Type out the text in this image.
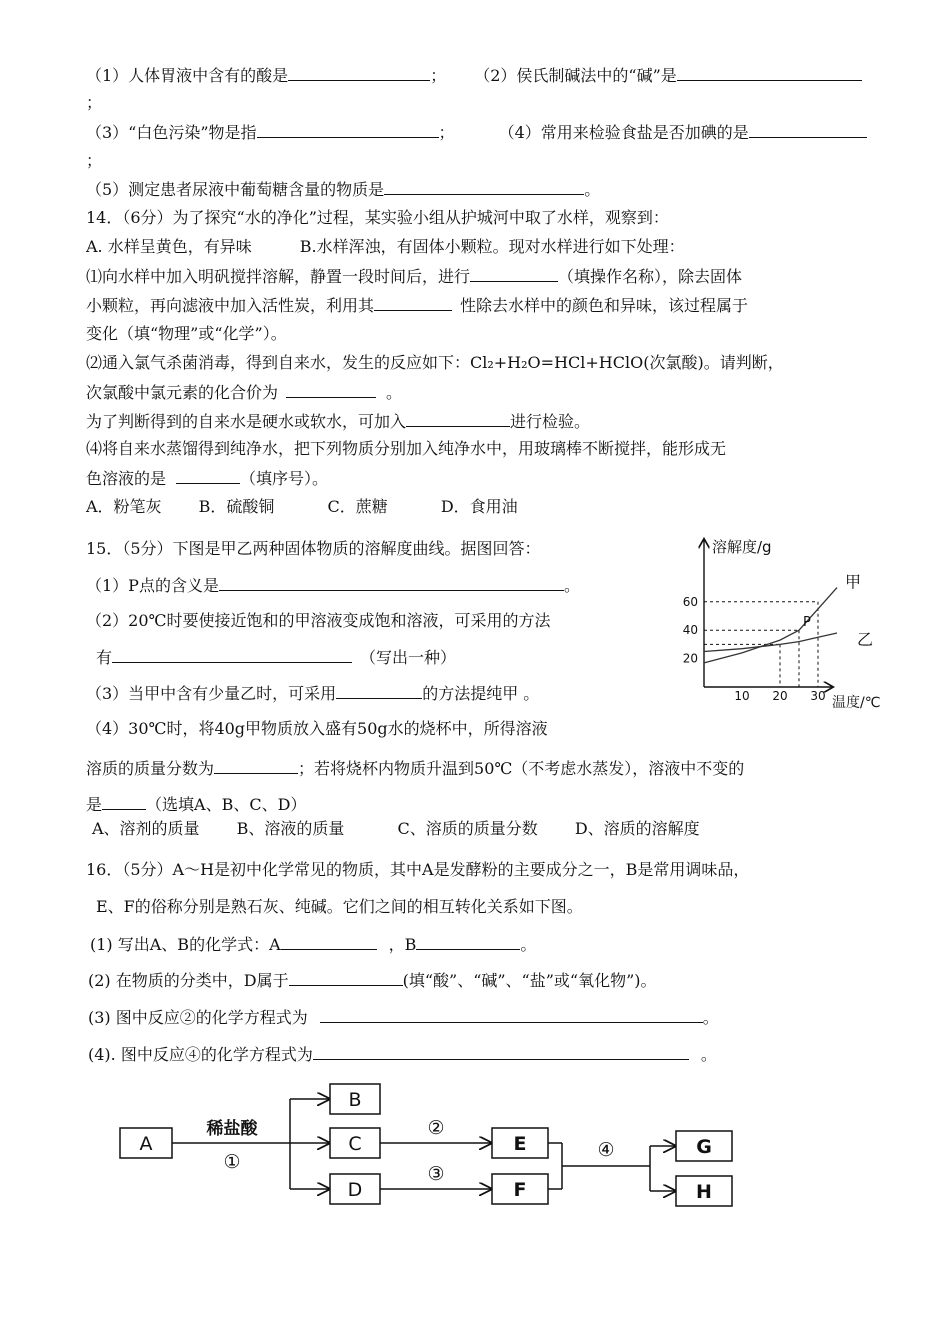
（1）人体胃液中含有的酸是	； （2）侯氏制碱法中的“碱”是
；
（3）“白色污染”物是指	；	（4）常用来检验食盐是否加碘的是
；
（5）测定患者尿液中葡萄糖含量的物质是	。
14．（6分）为了探究“水的净化”过程，某实验小组从护城河中取了水样，观察到：
A. 水样呈黄色，有异味　　　B.水样浑浊，有固体小颗粒。现对水样进行如下处理：
⑴向水样中加入明矾搅拌溶解，静置一段时间后，进行	（填操作名称），除去固体
小颗粒，再向滤液中加入活性炭，利用其	性除去水样中的颜色和异味，该过程属于
变化（填“物理”或“化学”）。
⑵通入氯气杀菌消毒，得到自来水，发生的反应如下：Cl₂+H₂O=HCl+HClO(次氯酸)。请判断，
次氯酸中氯元素的化合价为	。
为了判断得到的自来水是硬水或软水，可加入	进行检验。
⑷将自来水蒸馏得到纯净水，把下列物质分别加入纯净水中，用玻璃棒不断搅拌，能形成无
色溶液的是	（填序号）。
A．粉笔灰　　 B．硫酸铜　　　 C．蔗糖　　　 D．食用油
15．（5分）下图是甲乙两种固体物质的溶解度曲线。据图回答：
（1）P点的含义是	。
（2）20℃时要使接近饱和的甲溶液变成饱和溶液，可采用的方法
有	（写出一种）
（3）当甲中含有少量乙时，可采用	的方法提纯甲 。
（4）30℃时，将40g甲物质放入盛有50g水的烧杯中，所得溶液
溶质的质量分数为	；若将烧杯内物质升温到50℃（不考虑水蒸发），溶液中不变的
是	（选填A、B、C、D）
A、溶剂的质量　　 B、溶液的质量　　　 C、溶质的质量分数　　 D、溶质的溶解度
溶解度/g
温度/℃
10 20 30
20
40
60
甲
乙
P
16．（5分）A～H是初中化学常见的物质，其中A是发酵粉的主要成分之一，B是常用调味品，
E、F的俗称分别是熟石灰、纯碱。它们之间的相互转化关系如下图。
(1) 写出A、B的化学式：A	，B	。
(2) 在物质的分类中，D属于	(填“酸”、“碱”、“盐”或“氧化物”)。
(3) 图中反应②的化学方程式为	。
(4). 图中反应④的化学方程式为	。
A
B
C
D
E
F
G
H
稀盐酸
①
②
③
④
